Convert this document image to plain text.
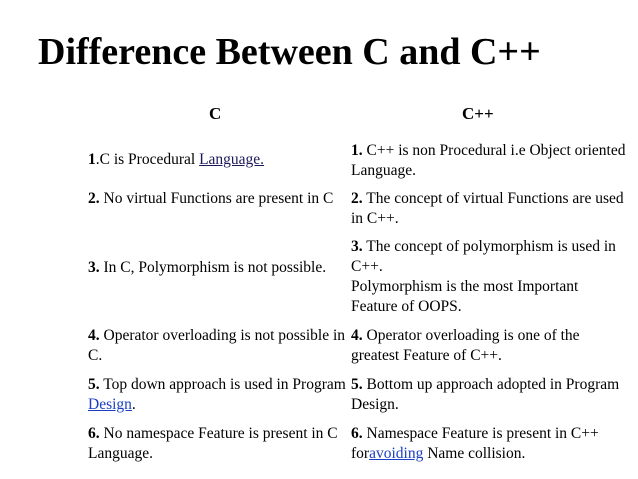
Difference Between C and C++
C	C++
1.C is Procedural Language.
1. C++ is non Procedural i.e Object oriented Language.
2. No virtual Functions are present in C	2. The concept of virtual Functions are used in C++.
3. In C, Polymorphism is not possible.
3. The concept of polymorphism is used in C++.
Polymorphism is the most Important Feature of OOPS.
4. Operator overloading is not possible in C.
4. Operator overloading is one of the greatest Feature of C++.
5. Top down approach is used in Program Design.
5. Bottom up approach adopted in Program Design.
6. No namespace Feature is present in C Language.
6. Namespace Feature is present in C++ foravoiding Name collision.
